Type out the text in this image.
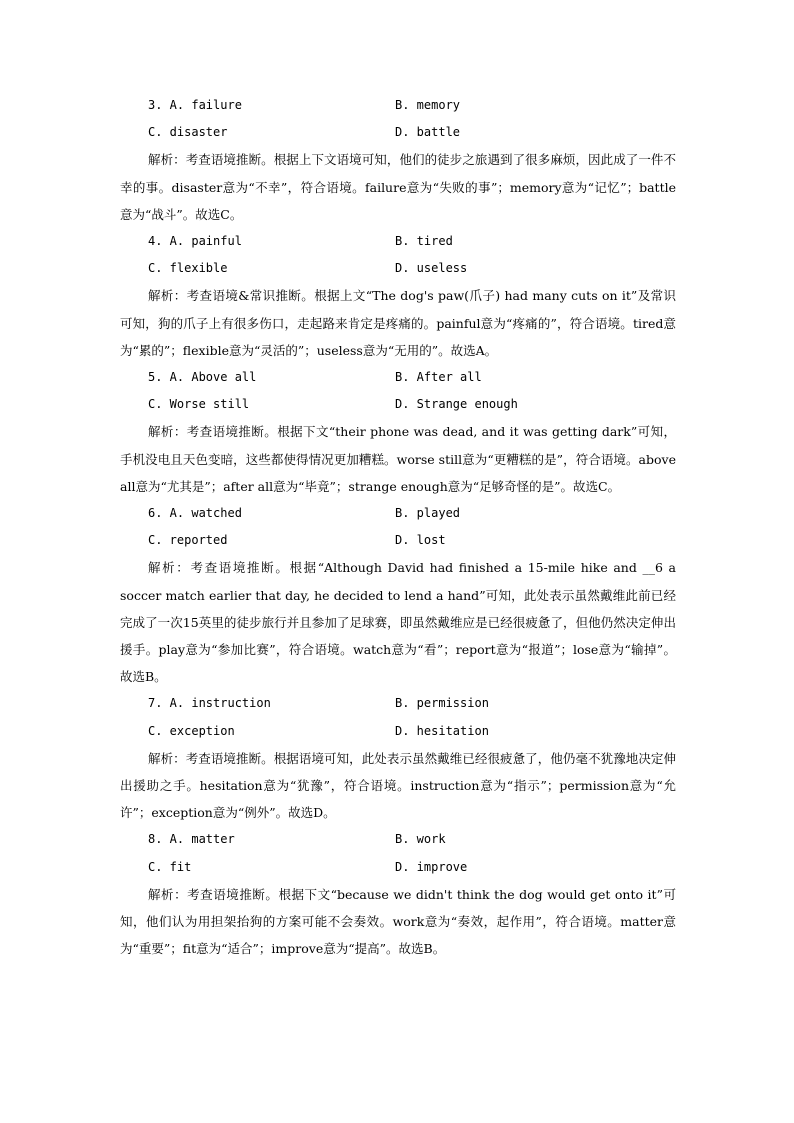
3. A. failure	B. memory
C. disaster	D. battle

解析：考查语境推断。根据上下文语境可知，他们的徒步之旅遇到了很多麻烦，因此成了一件不幸的事。disaster意为“不幸”，符合语境。failure意为“失败的事”；memory意为“记忆”；battle意为“战斗”。故选C。

4. A. painful	B. tired
C. flexible	D. useless

解析：考查语境&常识推断。根据上文“The dog's paw(爪子) had many cuts on it”及常识可知，狗的爪子上有很多伤口，走起路来肯定是疼痛的。painful意为“疼痛的”，符合语境。tired意为“累的”；flexible意为“灵活的”；useless意为“无用的”。故选A。

5. A. Above all	B. After all
C. Worse still	D. Strange enough

解析：考查语境推断。根据下文“their phone was dead, and it was getting dark”可知，手机没电且天色变暗，这些都使得情况更加糟糕。worse still意为“更糟糕的是”，符合语境。above all意为“尤其是”；after all意为“毕竟”；strange enough意为“足够奇怪的是”。故选C。

6. A. watched	B. played
C. reported	D. lost

解析：考查语境推断。根据“Although David had finished a 15-mile hike and __6 a soccer match earlier that day, he decided to lend a hand”可知，此处表示虽然戴维此前已经完成了一次15英里的徒步旅行并且参加了足球赛，即虽然戴维应是已经很疲惫了，但他仍然决定伸出援手。play意为“参加比赛”，符合语境。watch意为“看”；report意为“报道”；lose意为“输掉”。故选B。

7. A. instruction	B. permission
C. exception	D. hesitation

解析：考查语境推断。根据语境可知，此处表示虽然戴维已经很疲惫了，他仍毫不犹豫地决定伸出援助之手。hesitation意为“犹豫”，符合语境。instruction意为“指示”；permission意为“允许”；exception意为“例外”。故选D。

8. A. matter	B. work
C. fit	D. improve

解析：考查语境推断。根据下文“because we didn't think the dog would get onto it”可知，他们认为用担架抬狗的方案可能不会奏效。work意为“奏效，起作用”，符合语境。matter意为“重要”；fit意为“适合”；improve意为“提高”。故选B。
